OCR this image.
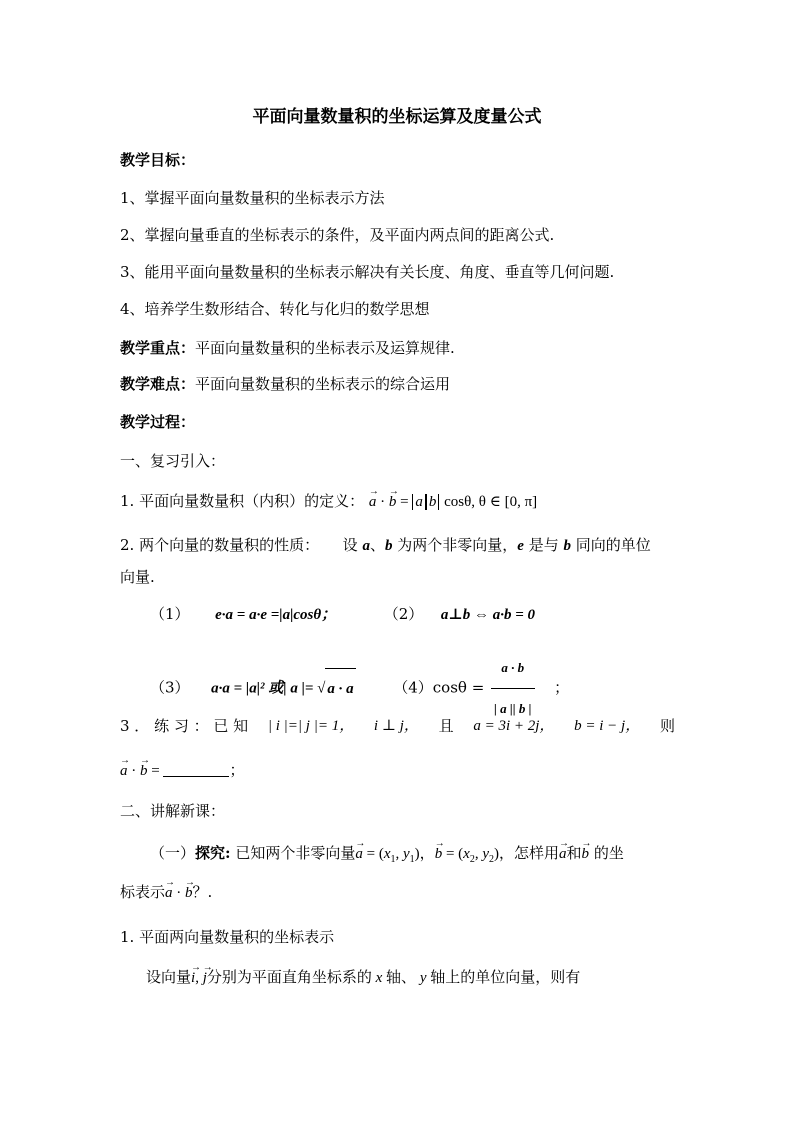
平面向量数量积的坐标运算及度量公式
教学目标：
1、掌握平面向量数量积的坐标表示方法
2、掌握向量垂直的坐标表示的条件，及平面内两点间的距离公式.
3、能用平面向量数量积的坐标表示解决有关长度、角度、垂直等几何问题.
4、培养学生数形结合、转化与化归的数学思想
教学重点：平面向量数量积的坐标表示及运算规律.
教学难点：平面向量数量积的坐标表示的综合运用
教学过程：
一、复习引入：
1. 平面向量数量积（内积）的定义： → a · → b = a b cosθ, θ ∈ [0, π]
2. 两个向量的数量积的性质： 设 a、b 为两个非零向量，e 是与 b 同向的单位
向量.
（1） e·a = a·e =|a|cosθ；	（2） a⊥b ⇔ a·b = 0
（3） a·a = |a|² 或| a |= √ a · a	$(4)\cos\theta = \frac{a \cdot b}{| a || b |}$ ；
3 ． 练 习 ： 已 知 | i |=| j |= 1， i ⊥ j， 且 a = 3i + 2j， b = i − j， 则
→ a · → b =	；
二、讲解新课：
（一）探究: 已知两个非零向量→ $a = (x_1$, $y_1$)，→ $b = (x_2$, $y_2$)，怎样用→ a和→ b 的坐
标表示→ a · → b？.
1. 平面两向量数量积的坐标表示
设向量→ i, → j分别为平面直角坐标系的 x 轴、 y 轴上的单位向量，则有
